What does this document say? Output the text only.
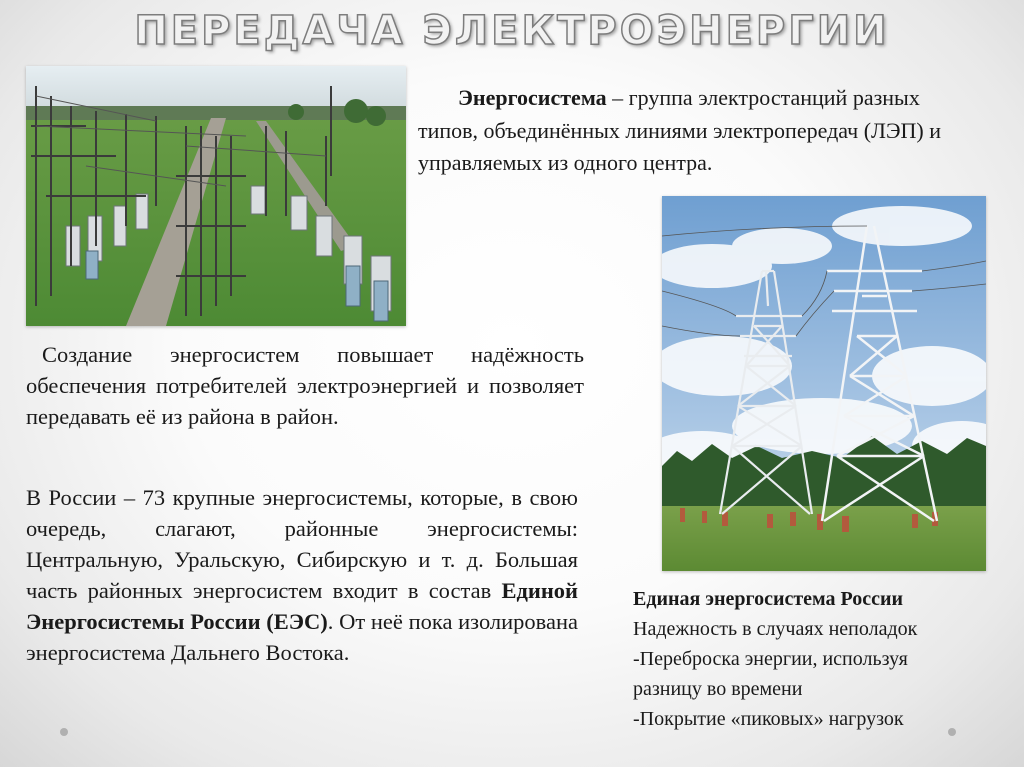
ПЕРЕДАЧА ЭЛЕКТРОЭНЕРГИИ

Энергосистема – группа электростанций разных типов, объединённых линиями электропередач (ЛЭП) и управляемых из одного центра.

Создание энергосистем повышает надёжность обеспечения потребителей электроэнергией и позволяет передавать её из района в район.

В России – 73 крупные энергосистемы, которые, в свою очередь, слагают, районные энергосистемы: Центральную, Уральскую, Сибирскую и т. д. Большая часть районных энергосистем входит в состав Единой Энергосистемы России (ЕЭС). От неё пока изолирована энергосистема Дальнего Востока.

Единая энергосистема России
Надежность в случаях неполадок
-Переброска энергии, используя
разницу во времени
-Покрытие «пиковых» нагрузок
